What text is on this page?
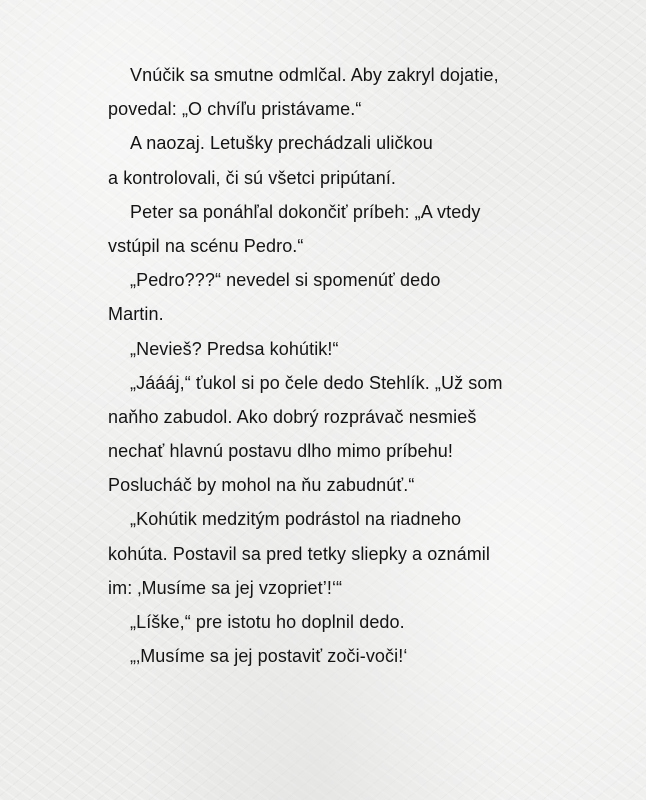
Vnúčik sa smutne odmlčal. Aby zakryl dojatie,
povedal: „O chvíľu pristávame.“
A naozaj. Letušky prechádzali uličkou
a kontrolovali, či sú všetci pripútaní.
Peter sa ponáhľal dokončiť príbeh: „A vtedy
vstúpil na scénu Pedro.“
„Pedro???“ nevedel si spomenúť dedo
Martin.
„Nevieš? Predsa kohútik!“
„Jáááj,“ ťukol si po čele dedo Stehlík. „Už som
naňho zabudol. Ako dobrý rozprávač nesmieš
nechať hlavnú postavu dlho mimo príbehu!
Poslucháč by mohol na ňu zabudnúť.“
„Kohútik medzitým podrástol na riadneho
kohúta. Postavil sa pred tetky sliepky a oznámil
im: ‚Musíme sa jej vzopriet’!‘“
„Líške,“ pre istotu ho doplnil dedo.
„‚Musíme sa jej postaviť zoči-voči!‘
